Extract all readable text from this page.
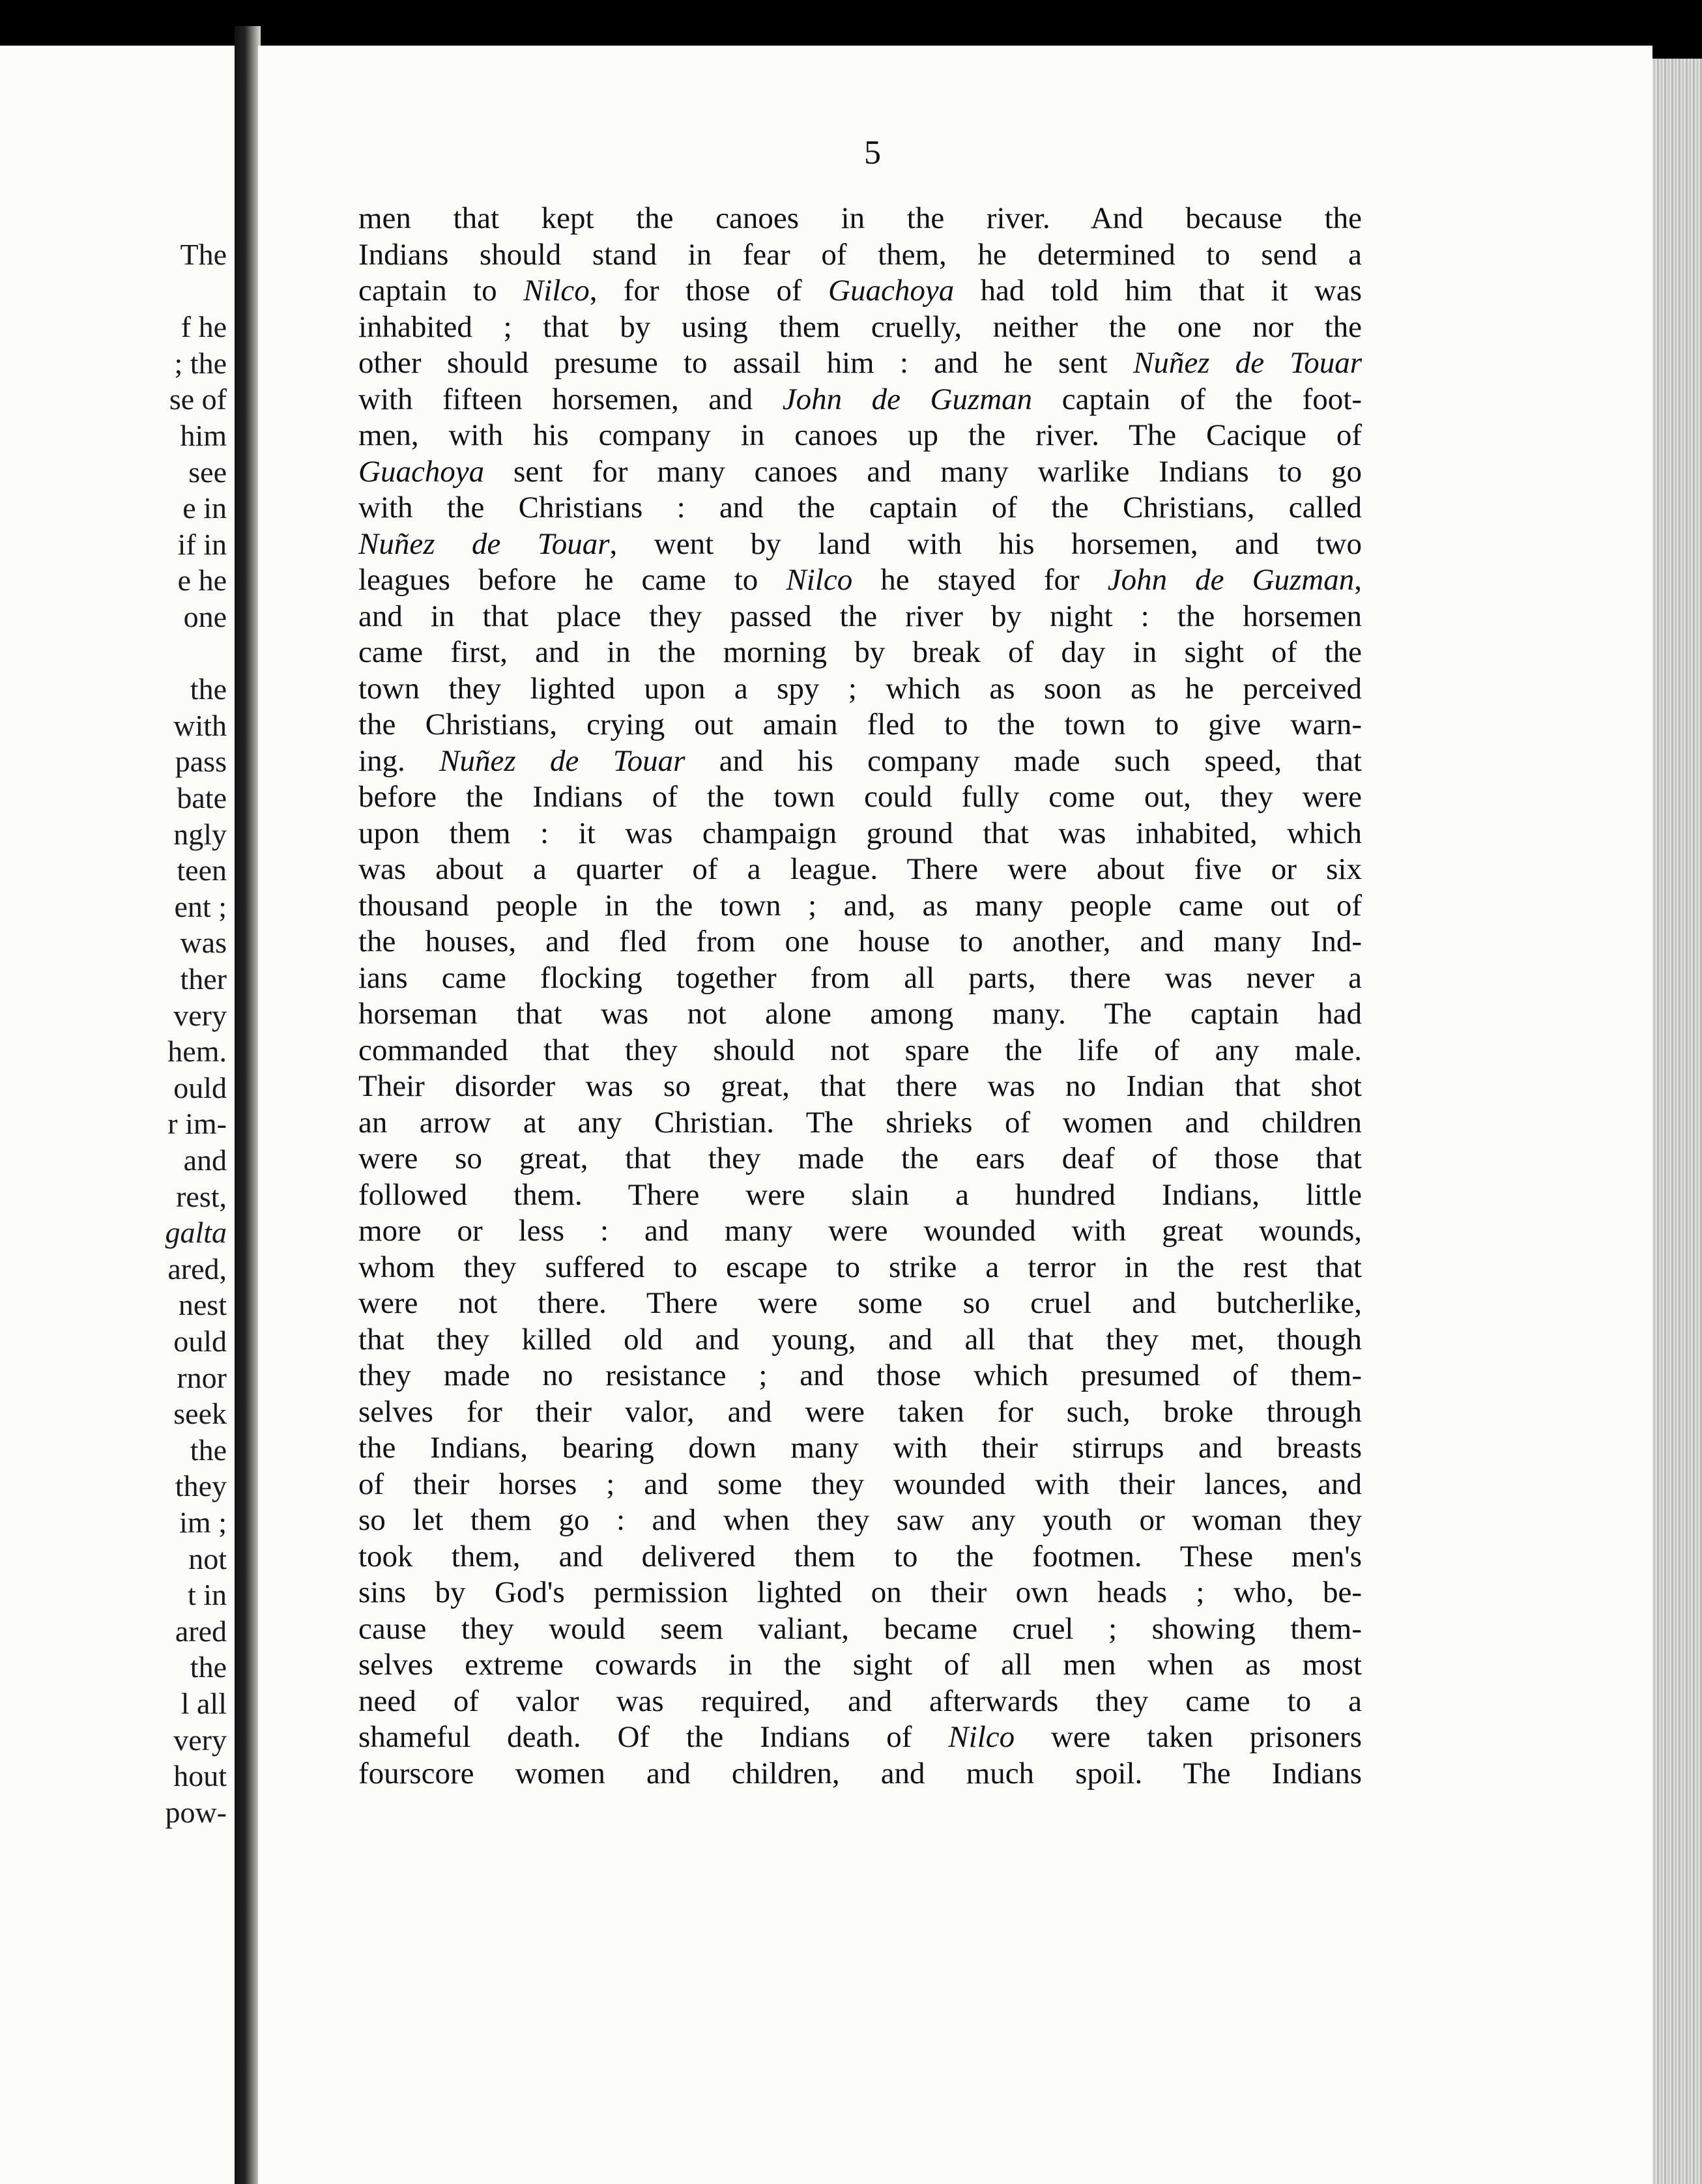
The
f he
; the
se of
him
see
e in
if in
e he
one
the
with
pass
bate
ngly
teen
ent ;
was
ther
very
hem.
ould
r im-
and
rest,
galta
ared,
nest
ould
rnor
seek
the
they
im ;
not
t in
ared
the
l all
very
hout
pow-
5
men that kept the canoes in the river. And because the
Indians should stand in fear of them, he determined to send a
captain to Nilco, for those of Guachoya had told him that it was
inhabited ; that by using them cruelly, neither the one nor the
other should presume to assail him : and he sent Nuñez de Touar
with fifteen horsemen, and John de Guzman captain of the foot-
men, with his company in canoes up the river. The Cacique of
Guachoya sent for many canoes and many warlike Indians to go
with the Christians : and the captain of the Christians, called
Nuñez de Touar, went by land with his horsemen, and two
leagues before he came to Nilco he stayed for John de Guzman,
and in that place they passed the river by night : the horsemen
came first, and in the morning by break of day in sight of the
town they lighted upon a spy ; which as soon as he perceived
the Christians, crying out amain fled to the town to give warn-
ing. Nuñez de Touar and his company made such speed, that
before the Indians of the town could fully come out, they were
upon them : it was champaign ground that was inhabited, which
was about a quarter of a league. There were about five or six
thousand people in the town ; and, as many people came out of
the houses, and fled from one house to another, and many Ind-
ians came flocking together from all parts, there was never a
horseman that was not alone among many. The captain had
commanded that they should not spare the life of any male.
Their disorder was so great, that there was no Indian that shot
an arrow at any Christian. The shrieks of women and children
were so great, that they made the ears deaf of those that
followed them. There were slain a hundred Indians, little
more or less : and many were wounded with great wounds,
whom they suffered to escape to strike a terror in the rest that
were not there. There were some so cruel and butcherlike,
that they killed old and young, and all that they met, though
they made no resistance ; and those which presumed of them-
selves for their valor, and were taken for such, broke through
the Indians, bearing down many with their stirrups and breasts
of their horses ; and some they wounded with their lances, and
so let them go : and when they saw any youth or woman they
took them, and delivered them to the footmen. These men's
sins by God's permission lighted on their own heads ; who, be-
cause they would seem valiant, became cruel ; showing them-
selves extreme cowards in the sight of all men when as most
need of valor was required, and afterwards they came to a
shameful death. Of the Indians of Nilco were taken prisoners
fourscore women and children, and much spoil. The Indians
